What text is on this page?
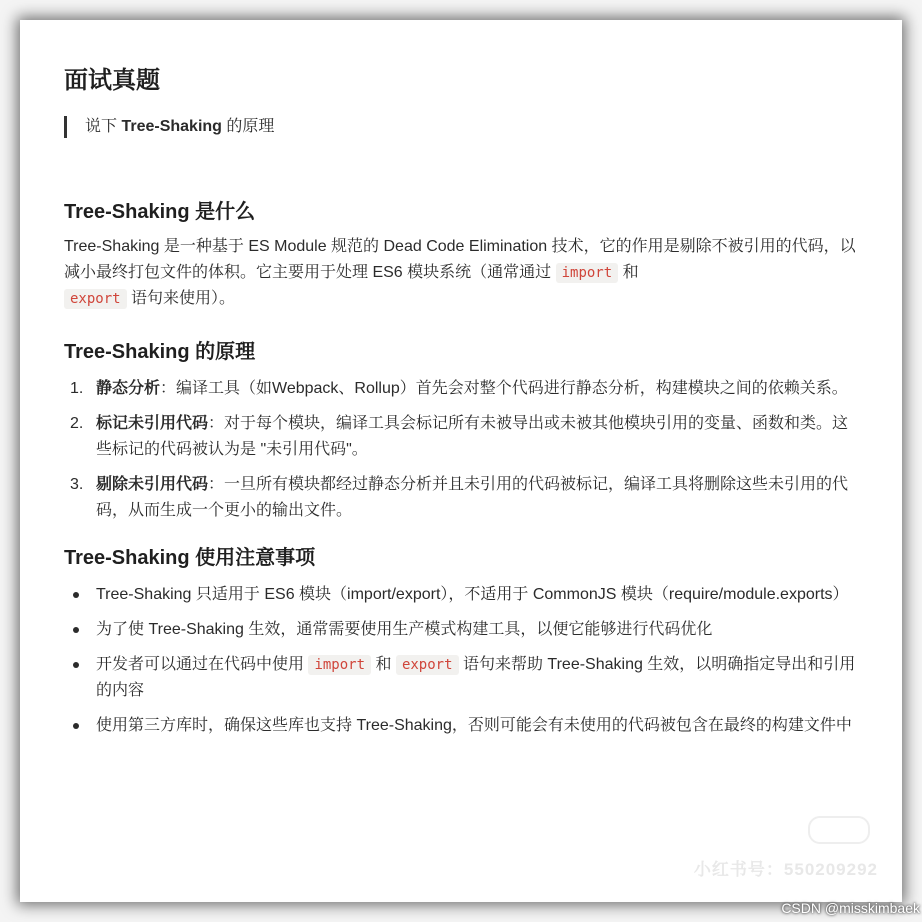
面试真题
说下 Tree-Shaking 的原理
Tree-Shaking 是什么

Tree-Shaking 是一种基于 ES Module 规范的 Dead Code Elimination 技术，它的作用是剔除不被引用的代码，以减小最终打包文件的体积。它主要用于处理 ES6 模块系统（通常通过 import 和
export 语句来使用）。

Tree-Shaking 的原理
1. 静态分析：编译工具（如Webpack、Rollup）首先会对整个代码进行静态分析，构建模块之间的依赖关系。
2. 标记未引用代码：对于每个模块，编译工具会标记所有未被导出或未被其他模块引用的变量、函数和类。这些标记的代码被认为是 "未引用代码"。
3. 剔除未引用代码：一旦所有模块都经过静态分析并且未引用的代码被标记，编译工具将删除这些未引用的代码，从而生成一个更小的输出文件。
Tree-Shaking 使用注意事项
Tree-Shaking 只适用于 ES6 模块（import/export），不适用于 CommonJS 模块（require/module.exports）
为了使 Tree-Shaking 生效，通常需要使用生产模式构建工具，以便它能够进行代码优化
开发者可以通过在代码中使用 import 和 export 语句来帮助 Tree-Shaking 生效，以明确指定导出和引用的内容
使用第三方库时，确保这些库也支持 Tree-Shaking，否则可能会有未使用的代码被包含在最终的构建文件中
小红书号：550209292
CSDN @misskimbaek
